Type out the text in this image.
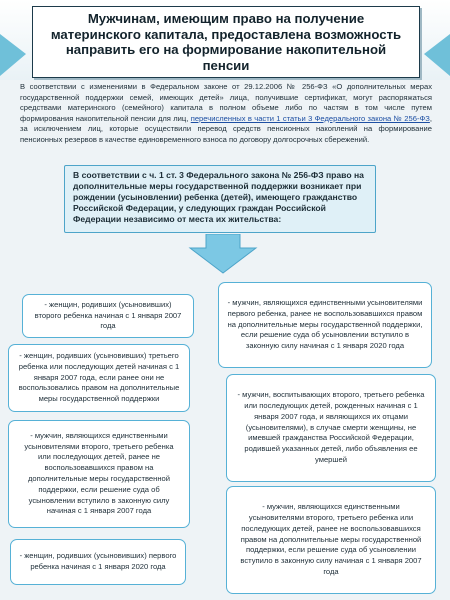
Мужчинам, имеющим право на получение материнского капитала, предоставлена возможность направить его на формирование накопительной пенсии

В соответствии с изменениями в Федеральном законе от 29.12.2006 № 256-ФЗ «О дополнительных мерах государственной поддержки семей, имеющих детей» лица, получившие сертификат, могут распоряжаться средствами материнского (семейного) капитала в полном объеме либо по частям в том числе путем формирования накопительной пенсии для лиц, перечисленных в части 1 статьи 3 Федерального закона № 256-ФЗ, за исключением лиц, которые осуществили перевод средств пенсионных накоплений на формирование пенсионных резервов в качестве единовременного взноса по договору долгосрочных сбережений.

В соответствии с ч. 1 ст. 3 Федерального закона № 256-ФЗ право на дополнительные меры государственной поддержки возникает при рождении (усыновлении) ребенка (детей), имеющего гражданство Российской Федерации, у следующих граждан Российской Федерации независимо от места их жительства:
- женщин, родивших (усыновивших) второго ребенка начиная с 1 января 2007 года
- женщин, родивших (усыновивших) третьего ребенка или последующих детей начиная с 1 января 2007 года, если ранее они не воспользовались правом на дополнительные меры государственной поддержки
- мужчин, являющихся единственными усыновителями второго, третьего ребенка или последующих детей, ранее не воспользовавшихся правом на дополнительные меры государственной поддержки, если решение суда об усыновлении вступило в законную силу начиная с 1 января 2007 года
- женщин, родивших (усыновивших) первого ребенка начиная с 1 января 2020 года
- мужчин, являющихся единственными усыновителями первого ребенка, ранее не воспользовавшихся правом на дополнительные меры государственной поддержки, если решение суда об усыновлении вступило в законную силу начиная с 1 января 2020 года
- мужчин, воспитывающих второго, третьего ребенка или последующих детей, рожденных начиная с 1 января 2007 года, и являющихся их отцами (усыновителями), в случае смерти женщины, не имевшей гражданства Российской Федерации, родившей указанных детей, либо объявления ее умершей
- мужчин, являющихся единственными усыновителями второго, третьего ребенка или последующих детей, ранее не воспользовавшихся правом на дополнительные меры государственной поддержки, если решение суда об усыновлении вступило в законную силу начиная с 1 января 2007 года
